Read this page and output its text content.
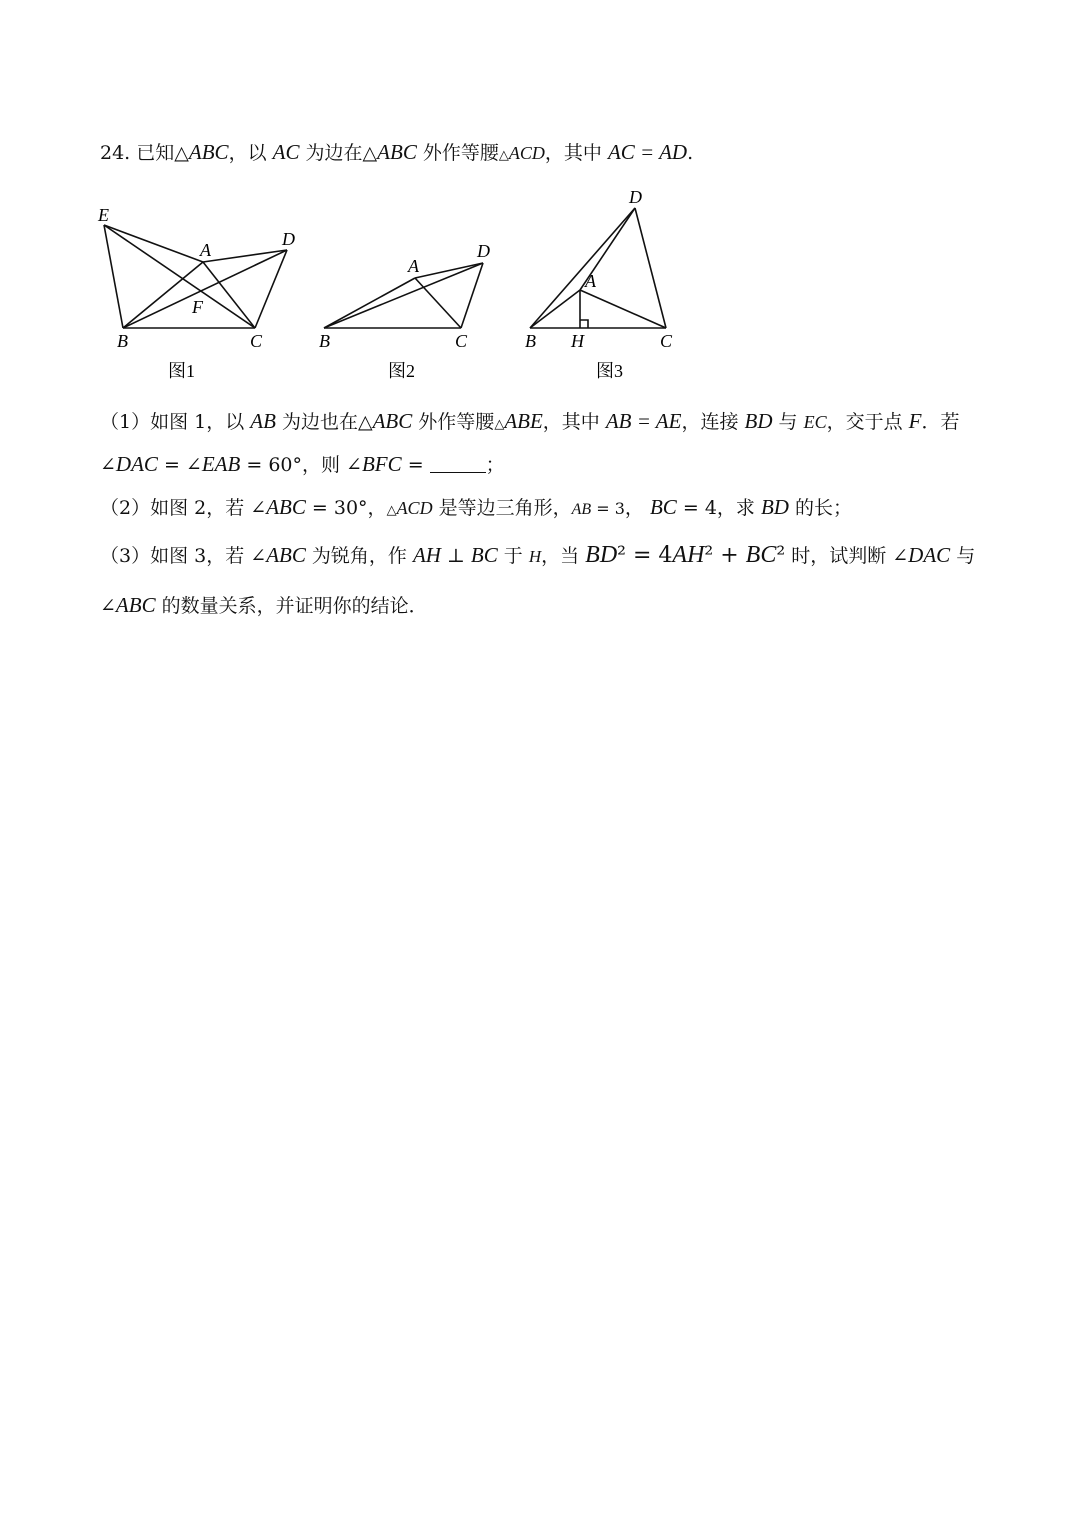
24. 已知△ABC，以 AC 为边在△ABC 外作等腰△ACD，其中 AC = AD.
E
A
D
F
B	C
图1
A
D
B	C
图2
D
A
B H	C
图3
（1）如图 1，以 AB 为边也在△ABC 外作等腰△ABE，其中 AB = AE，连接 BD 与 EC，交于点 F．若
∠DAC = ∠EAB = 60°，则 ∠BFC =	；
（2）如图 2，若 ∠ABC = 30°，△ACD 是等边三角形，AB = 3， BC = 4，求 BD 的长；
（3）如图 3，若 ∠ABC 为锐角，作 AH ⊥ BC 于 H，当 BD² = 4AH² + BC² 时，试判断 ∠DAC 与
∠ABC 的数量关系，并证明你的结论．
